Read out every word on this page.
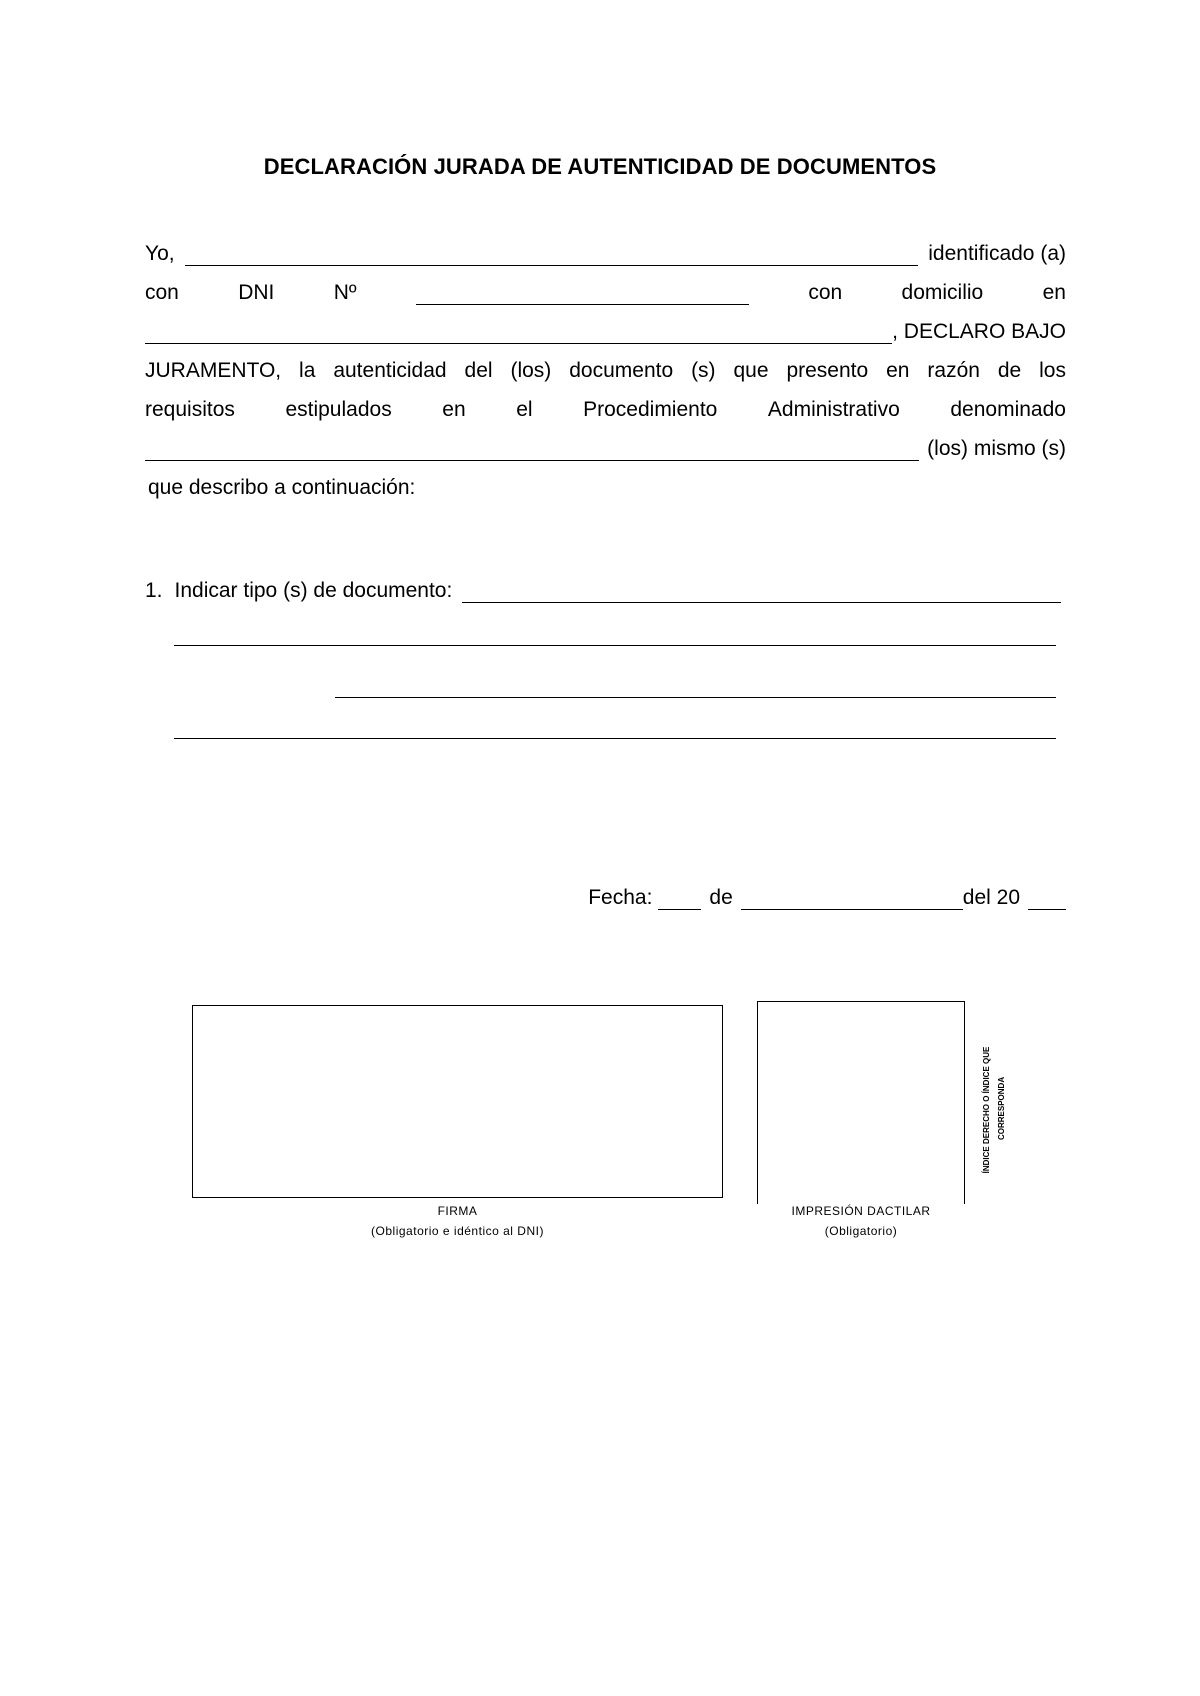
DECLARACIÓN JURADA DE AUTENTICIDAD DE DOCUMENTOS
Yo,	identificado (a)
con	DNI	Nº	con	domicilio	en
, DECLARO BAJO
JURAMENTO, la autenticidad del (los) documento (s) que presento en razón de los
requisitos estipulados en el Procedimiento Administrativo denominado
(los) mismo (s)
que describo a continuación:
1. Indicar tipo (s) de documento:
Fecha:	de	del 20
FIRMA
(Obligatorio e idéntico al DNI)
IMPRESIÓN DACTILAR
(Obligatorio)
ÍNDICE DERECHO O ÍNDICE QUE CORRESPONDA
